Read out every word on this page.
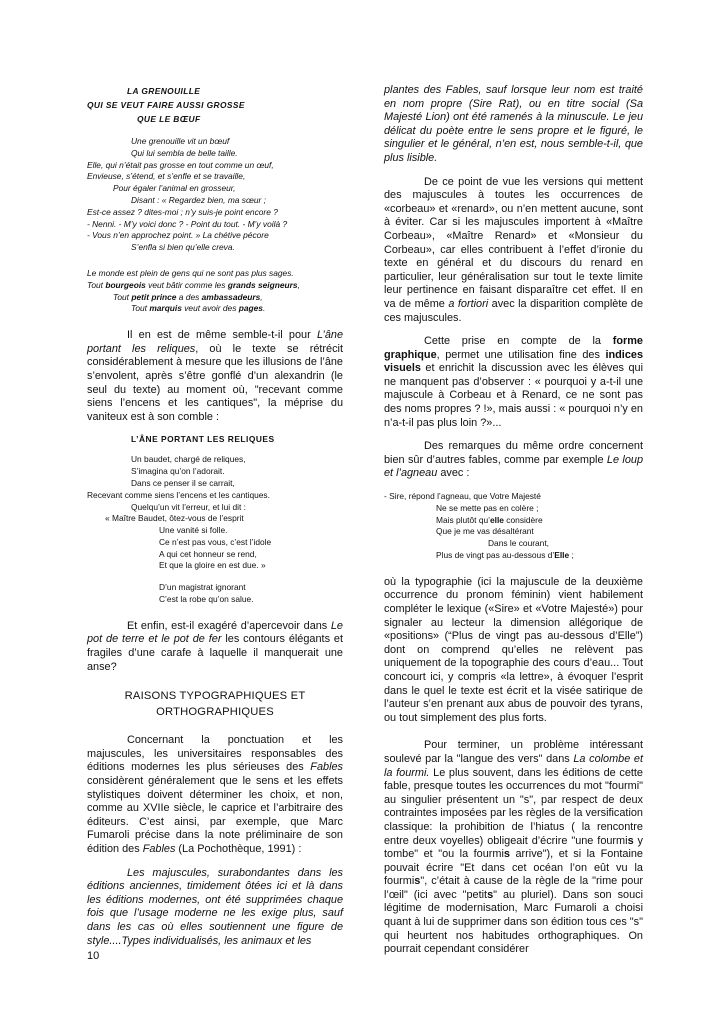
LA GRENOUILLE

QUI SE VEUT FAIRE AUSSI GROSSE

QUE LE BŒUF

Une grenouille vit un bœuf

Qui lui sembla de belle taille.

Elle, qui n’était pas grosse en tout comme un œuf,

Envieuse, s’étend, et s’enfle et se travaille,

Pour égaler l’animal en grosseur,

Disant : « Regardez bien, ma sœur ;

Est-ce assez ? dites-moi ; n’y suis-je point encore ?

- Nenni. - M’y voici donc ? - Point du tout. - M’y voilà ?

- Vous n’en approchez point. » La chétive pécore

S’enfla si bien qu’elle creva.

Le monde est plein de gens qui ne sont pas plus sages.

Tout bourgeois veut bâtir comme les grands seigneurs,

Tout petit prince a des ambassadeurs,

Tout marquis veut avoir des pages.

Il en est de même semble-t-il pour L’âne portant les reliques, où le texte se rétrécit considérablement à mesure que les illusions de l’âne s’envolent, après s’être gonflé d’un alexandrin (le seul du texte) au moment où, "recevant comme siens l’encens et les cantiques", la méprise du vaniteux est à son comble :

L’ÂNE PORTANT LES RELIQUES

Un baudet, chargé de reliques,

S’imagina qu’on l’adorait.

Dans ce penser il se carrait,

Recevant comme siens l’encens et les cantiques.

Quelqu’un vit l’erreur, et lui dit :

« Maître Baudet, ôtez-vous de l’esprit

Une vanité si folle.

Ce n’est pas vous, c’est l’idole

A qui cet honneur se rend,

Et que la gloire en est due. »

D’un magistrat ignorant

C’est la robe qu’on salue.

Et enfin, est-il exagéré d’apercevoir dans Le pot de terre et le pot de fer les contours élégants et fragiles d’une carafe à laquelle il manquerait une anse?

RAISONS TYPOGRAPHIQUES ET
ORTHOGRAPHIQUES

Concernant la ponctuation et les majuscules, les universitaires responsables des éditions modernes les plus sérieuses des Fables considèrent généralement que le sens et les effets stylistiques doivent déterminer les choix, et non, comme au XVIIe siècle, le caprice et l’arbitraire des éditeurs. C’est ainsi, par exemple, que Marc Fumaroli précise dans la note préliminaire de son édition des Fables (La Pochothèque, 1991) :

Les majuscules, surabondantes dans les éditions anciennes, timidement ôtées ici et là dans les éditions modernes, ont été supprimées chaque fois que l’usage moderne ne les exige plus, sauf dans les cas où elles soutiennent une figure de style....Types individualisés, les animaux et les

plantes des Fables, sauf lorsque leur nom est traité en nom propre (Sire Rat), ou en titre social (Sa Majesté Lion) ont été ramenés à la minuscule. Le jeu délicat du poète entre le sens propre et le figuré, le singulier et le général, n’en est, nous semble-t-il, que plus lisible.

De ce point de vue les versions qui mettent des majuscules à toutes les occurrences de «corbeau» et «renard», ou n’en mettent aucune, sont à éviter. Car si les majuscules importent à «Maître Corbeau», «Maître Renard» et «Monsieur du Corbeau», car elles contribuent à l’effet d’ironie du texte en général et du discours du renard en particulier, leur généralisation sur tout le texte limite leur pertinence en faisant disparaître cet effet. Il en va de même a fortiori avec la disparition complète de ces majuscules.

Cette prise en compte de la forme graphique, permet une utilisation fine des indices visuels et enrichit la discussion avec les élèves qui ne manquent pas d’observer : « pourquoi y a-t-il une majuscule à Corbeau et à Renard, ce ne sont pas des noms propres ? !», mais aussi : « pourquoi n’y en n’a-t-il pas plus loin ?»...

Des remarques du même ordre concernent bien sûr d’autres fables, comme par exemple Le loup et l’agneau avec :

- Sire, répond l’agneau, que Votre Majesté

Ne se mette pas en colère ;

Mais plutôt qu’elle considère

Que je me vas désaltérant

Dans le courant,

Plus de vingt pas au-dessous d’Elle ;

où la typographie (ici la majuscule de la deuxième occurrence du pronom féminin) vient habilement compléter le lexique («Sire» et «Votre Majesté») pour signaler au lecteur la dimension allégorique de «positions» (“Plus de vingt pas au-dessous d’Elle”) dont on comprend qu’elles ne relèvent pas uniquement de la topographie des cours d’eau... Tout concourt ici, y compris «la lettre», à évoquer l’esprit dans le quel le texte est écrit et la visée satirique de l’auteur s’en prenant aux abus de pouvoir des tyrans, ou tout simplement des plus forts.

Pour terminer, un problème intéressant soulevé par la "langue des vers" dans La colombe et la fourmi. Le plus souvent, dans les éditions de cette fable, presque toutes les occurrences du mot "fourmi" au singulier présentent un "s", par respect de deux contraintes imposées par les règles de la versification classique: la prohibition de l’hiatus ( la rencontre entre deux voyelles) obligeait d’écrire "une fourmis y tombe" et "ou la fourmis arrive"), et si la Fontaine pouvait écrire "Et dans cet océan l’on eût vu la fourmis", c’était à cause de la règle de la "rime pour l’œil" (ici avec "petits" au pluriel). Dans son souci légitime de modernisation, Marc Fumaroli a choisi quant à lui de supprimer dans son édition tous ces "s" qui heurtent nos habitudes orthographiques. On pourrait cependant considérer

10
